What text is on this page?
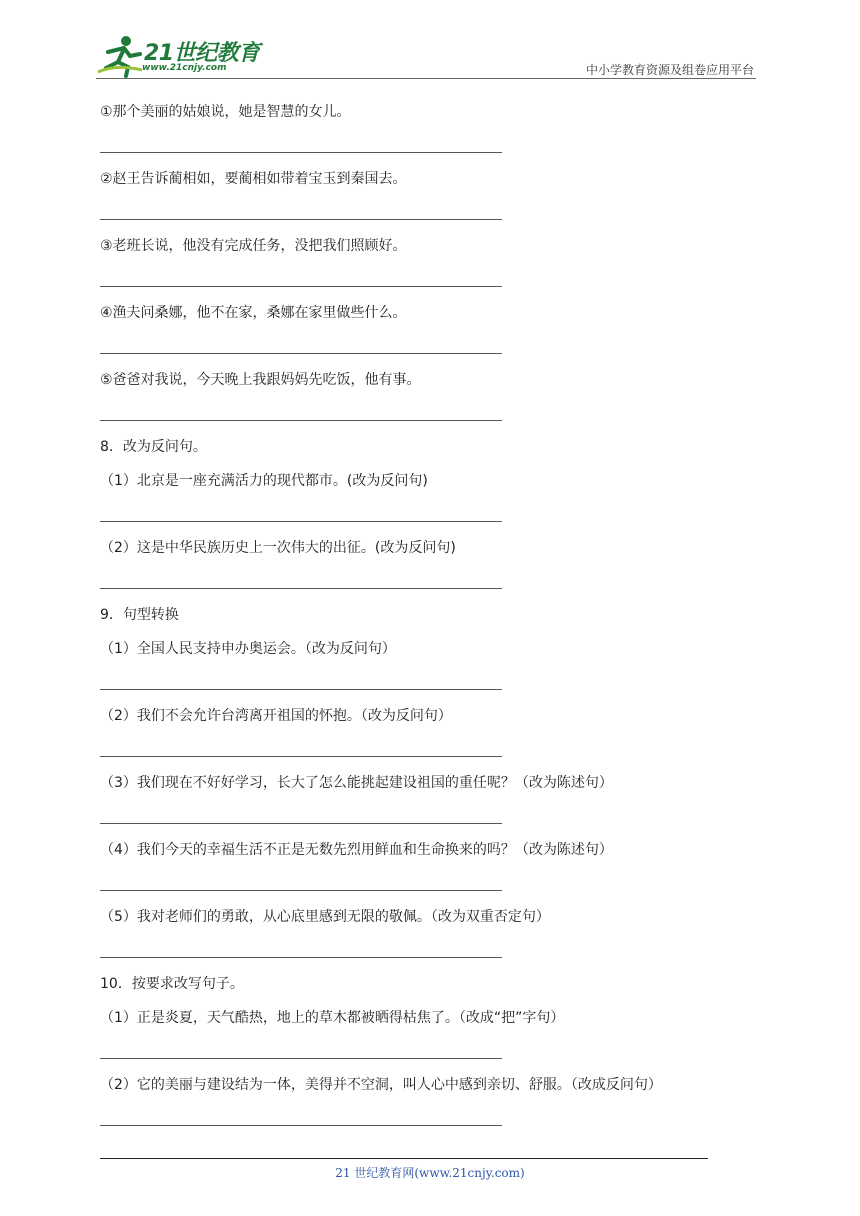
21世纪教育
www.21cnjy.com	中小学教育资源及组卷应用平台
①那个美丽的姑娘说，她是智慧的女儿。
②赵王告诉蔺相如，要蔺相如带着宝玉到秦国去。
③老班长说，他没有完成任务，没把我们照顾好。
④渔夫问桑娜，他不在家，桑娜在家里做些什么。
⑤爸爸对我说，今天晚上我跟妈妈先吃饭，他有事。
8．改为反问句。
（1）北京是一座充满活力的现代都市。(改为反问句)
（2）这是中华民族历史上一次伟大的出征。(改为反问句)
9．句型转换
（1）全国人民支持申办奥运会。（改为反问句）
（2）我们不会允许台湾离开祖国的怀抱。（改为反问句）
（3）我们现在不好好学习，长大了怎么能挑起建设祖国的重任呢？（改为陈述句）
（4）我们今天的幸福生活不正是无数先烈用鲜血和生命换来的吗？（改为陈述句）
（5）我对老师们的勇敢，从心底里感到无限的敬佩。（改为双重否定句）
10．按要求改写句子。
（1）正是炎夏，天气酷热，地上的草木都被晒得枯焦了。（改成“把”字句）
（2）它的美丽与建设结为一体，美得并不空洞，叫人心中感到亲切、舒服。（改成反问句）
21 世纪教育网(www.21cnjy.com)
